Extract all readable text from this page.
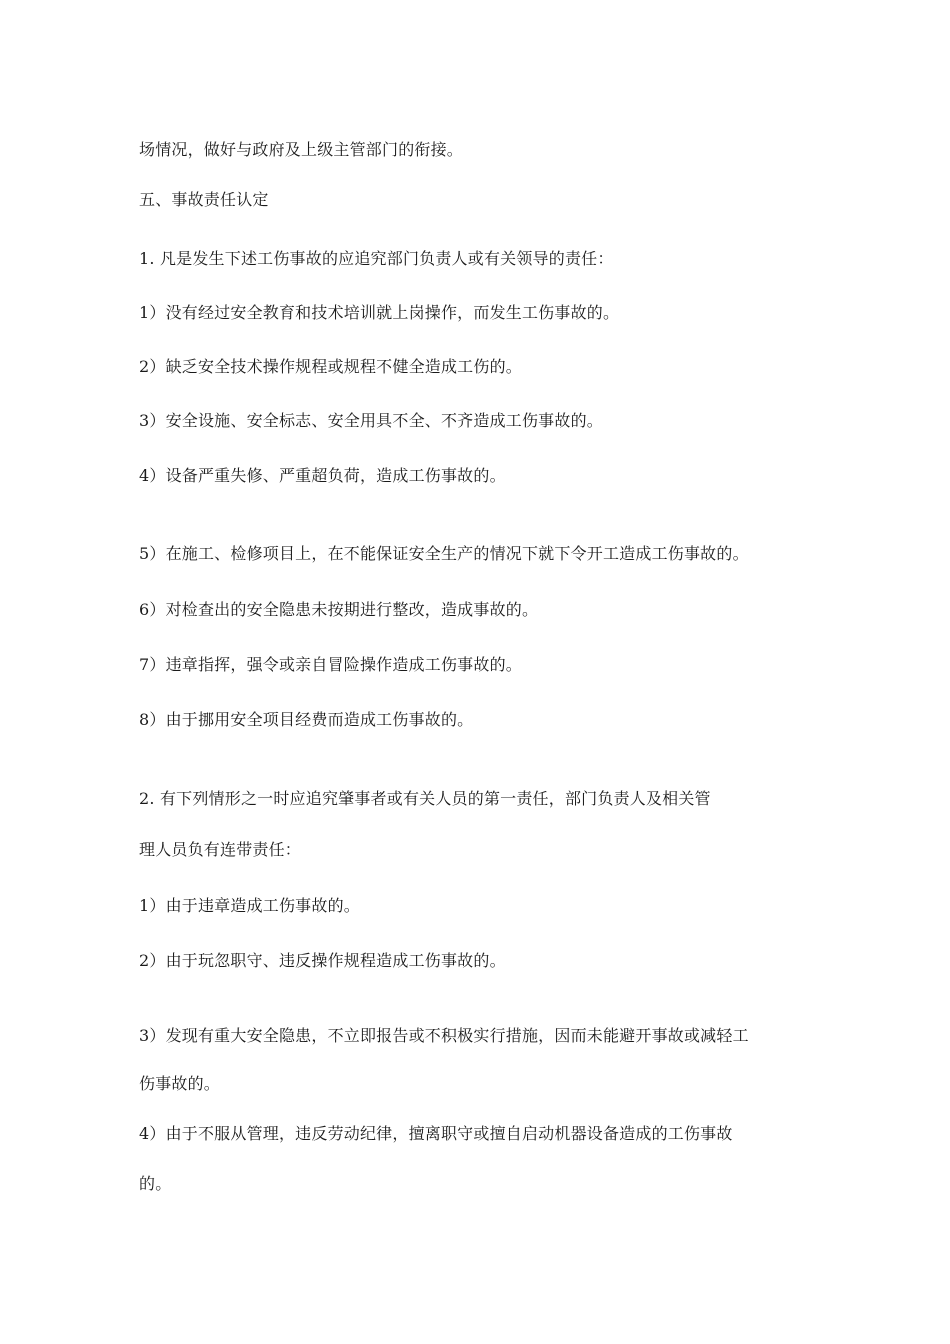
场情况，做好与政府及上级主管部门的衔接。
五、事故责任认定
1. 凡是发生下述工伤事故的应追究部门负责人或有关领导的责任：
1）没有经过安全教育和技术培训就上岗操作，而发生工伤事故的。
2）缺乏安全技术操作规程或规程不健全造成工伤的。
3）安全设施、安全标志、安全用具不全、不齐造成工伤事故的。
4）设备严重失修、严重超负荷，造成工伤事故的。
5）在施工、检修项目上，在不能保证安全生产的情况下就下令开工造成工伤事故的。
6）对检查出的安全隐患未按期进行整改，造成事故的。
7）违章指挥，强令或亲自冒险操作造成工伤事故的。
8）由于挪用安全项目经费而造成工伤事故的。
2. 有下列情形之一时应追究肇事者或有关人员的第一责任，部门负责人及相关管
理人员负有连带责任：
1）由于违章造成工伤事故的。
2）由于玩忽职守、违反操作规程造成工伤事故的。
3）发现有重大安全隐患，不立即报告或不积极实行措施，因而未能避开事故或减轻工
伤事故的。
4）由于不服从管理，违反劳动纪律，擅离职守或擅自启动机器设备造成的工伤事故
的。
